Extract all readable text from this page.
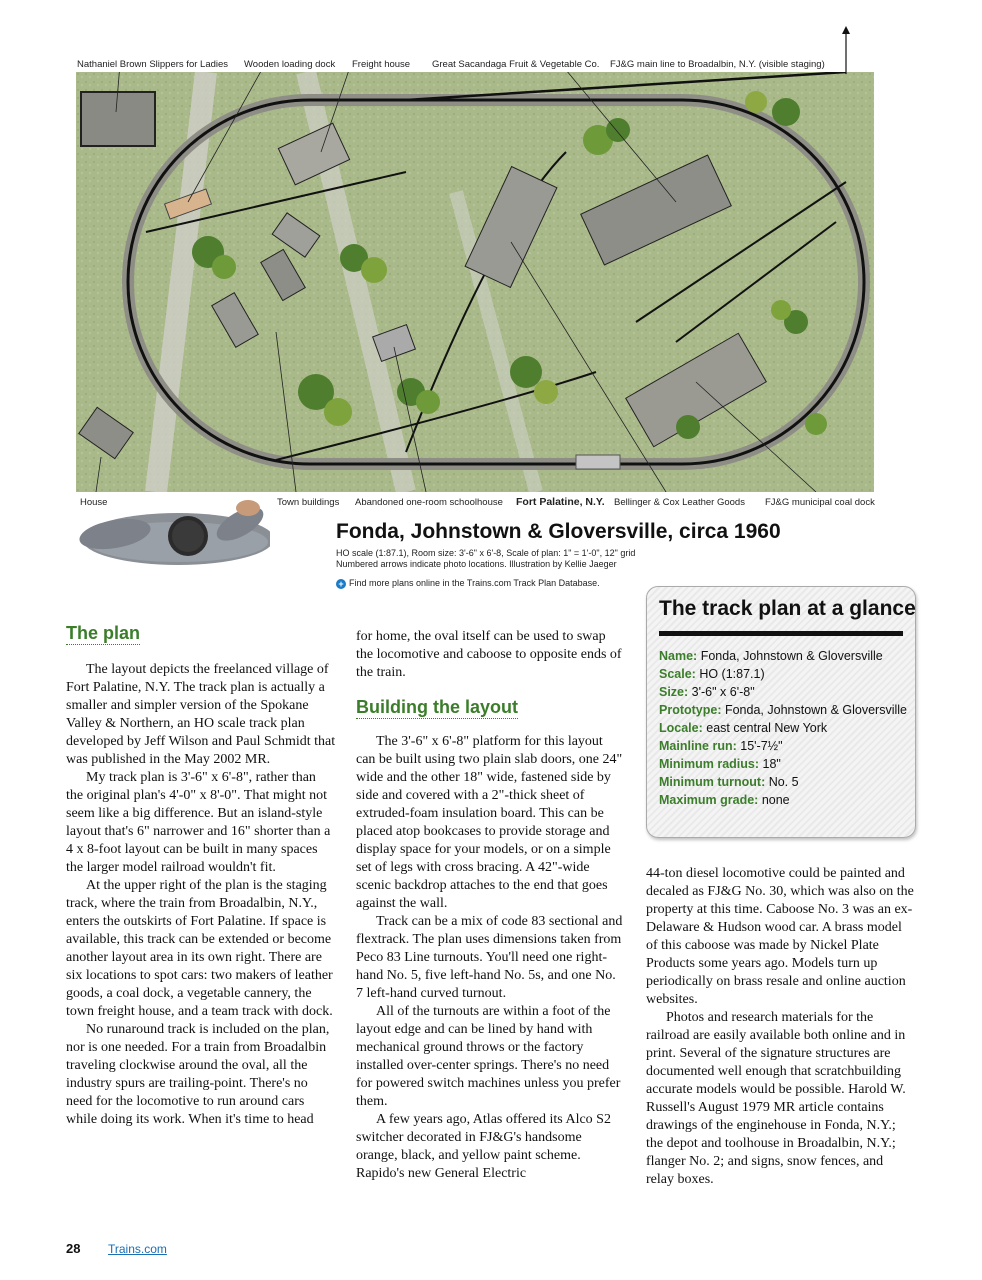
Nathaniel Brown Slippers for Ladies Wooden loading dock Freight house Great Sacandaga Fruit & Vegetable Co. FJ&G main line to Broadalbin, N.Y. (visible staging)
House	Town buildings Abandoned one-room schoolhouse Fort Palatine, N.Y. Bellinger & Cox Leather Goods FJ&G municipal coal dock
Fonda, Johnstown & Gloversville, circa 1960
HO scale (1:87.1), Room size: 3'-6" x 6'-8, Scale of plan: 1" = 1'-0", 12" grid
Numbered arrows indicate photo locations. Illustration by Kellie Jaeger
+ Find more plans online in the Trains.com Track Plan Database.
The track plan at a glance
Name: Fonda, Johnstown & Gloversville
Scale: HO (1:87.1)
Size: 3'-6" x 6'-8"
Prototype: Fonda, Johnstown & Gloversville
Locale: east central New York
Mainline run: 15'-7½"
Minimum radius: 18"
Minimum turnout: No. 5
Maximum grade: none
The plan

The layout depicts the freelanced village of Fort Palatine, N.Y. The track plan is actually a smaller and simpler version of the Spokane Valley & Northern, an HO scale track plan developed by Jeff Wilson and Paul Schmidt that was published in the May 2002 MR.

My track plan is 3'-6" x 6'-8", rather than the original plan's 4'-0" x 8'-0". That might not seem like a big difference. But an island-style layout that's 6" narrower and 16" shorter than a 4 x 8-foot layout can be built in many spaces the larger model railroad wouldn't fit.

At the upper right of the plan is the staging track, where the train from Broadalbin, N.Y., enters the outskirts of Fort Palatine. If space is available, this track can be extended or become another layout area in its own right. There are six locations to spot cars: two makers of leather goods, a coal dock, a vegetable cannery, the town freight house, and a team track with dock.

No runaround track is included on the plan, nor is one needed. For a train from Broadalbin traveling clockwise around the oval, all the industry spurs are trailing-point. There's no need for the locomotive to run around cars while doing its work. When it's time to head

for home, the oval itself can be used to swap the locomotive and caboose to opposite ends of the train.

Building the layout

The 3'-6" x 6'-8" platform for this layout can be built using two plain slab doors, one 24" wide and the other 18" wide, fastened side by side and covered with a 2"-thick sheet of extruded-foam insulation board. This can be placed atop bookcases to provide storage and display space for your models, or on a simple set of legs with cross bracing. A 42"-wide scenic backdrop attaches to the end that goes against the wall.

Track can be a mix of code 83 sectional and flextrack. The plan uses dimensions taken from Peco 83 Line turnouts. You'll need one right-hand No. 5, five left-hand No. 5s, and one No. 7 left-hand curved turnout.

All of the turnouts are within a foot of the layout edge and can be lined by hand with mechanical ground throws or the factory installed over-center springs. There's no need for powered switch machines unless you prefer them.

A few years ago, Atlas offered its Alco S2 switcher decorated in FJ&G's handsome orange, black, and yellow paint scheme. Rapido's new General Electric

44-ton diesel locomotive could be painted and decaled as FJ&G No. 30, which was also on the property at this time. Caboose No. 3 was an ex-Delaware & Hudson wood car. A brass model of this caboose was made by Nickel Plate Products some years ago. Models turn up periodically on brass resale and online auction websites.

Photos and research materials for the railroad are easily available both online and in print. Several of the signature structures are documented well enough that scratchbuilding accurate models would be possible. Harold W. Russell's August 1979 MR article contains drawings of the enginehouse in Fonda, N.Y.; the depot and toolhouse in Broadalbin, N.Y.; flanger No. 2; and signs, snow fences, and relay boxes.

28 Trains.com
